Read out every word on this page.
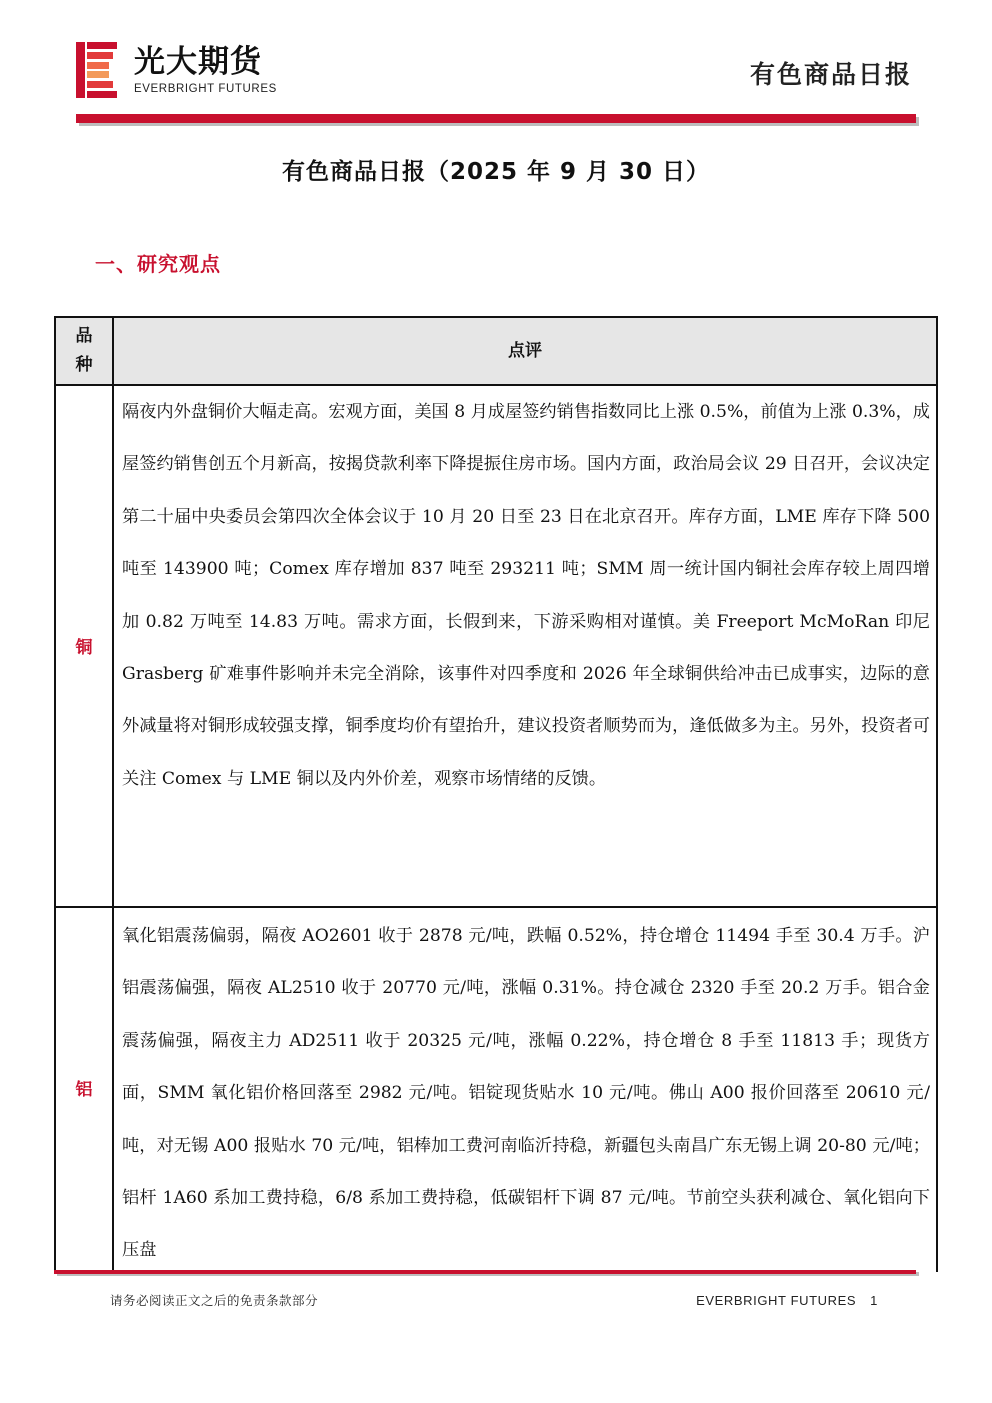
光大期货
EVERBRIGHT FUTURES	有色商品日报
有色商品日报（2025 年 9 月 30 日）
一、研究观点
品
种
点评
铜

隔夜内外盘铜价大幅走高。宏观方面，美国 8 月成屋签约销售指数同比上涨 0.5%，前值为上涨 0.3%，成屋签约销售创五个月新高，按揭贷款利率下降提振住房市场。国内方面，政治局会议 29 日召开，会议决定第二十届中央委员会第四次全体会议于 10 月 20 日至 23 日在北京召开。库存方面，LME 库存下降 500 吨至 143900 吨；Comex 库存增加 837 吨至 293211 吨；SMM 周一统计国内铜社会库存较上周四增加 0.82 万吨至 14.83 万吨。需求方面，长假到来，下游采购相对谨慎。美 Freeport McMoRan 印尼 Grasberg 矿难事件影响并未完全消除，该事件对四季度和 2026 年全球铜供给冲击已成事实，边际的意外减量将对铜形成较强支撑，铜季度均价有望抬升，建议投资者顺势而为，逢低做多为主。另外，投资者可关注 Comex 与 LME 铜以及内外价差，观察市场情绪的反馈。

铝

氧化铝震荡偏弱，隔夜 AO2601 收于 2878 元/吨，跌幅 0.52%，持仓增仓 11494 手至 30.4 万手。沪铝震荡偏强，隔夜 AL2510 收于 20770 元/吨，涨幅 0.31%。持仓减仓 2320 手至 20.2 万手。铝合金震荡偏强，隔夜主力 AD2511 收于 20325 元/吨，涨幅 0.22%，持仓增仓 8 手至 11813 手；现货方面，SMM 氧化铝价格回落至 2982 元/吨。铝锭现货贴水 10 元/吨。佛山 A00 报价回落至 20610 元/吨，对无锡 A00 报贴水 70 元/吨，铝棒加工费河南临沂持稳，新疆包头南昌广东无锡上调 20-80 元/吨；铝杆 1A60 系加工费持稳，6/8 系加工费持稳，低碳铝杆下调 87 元/吨。节前空头获利减仓、氧化铝向下压盘

请务必阅读正文之后的免责条款部分	EVERBRIGHT FUTURES 1
